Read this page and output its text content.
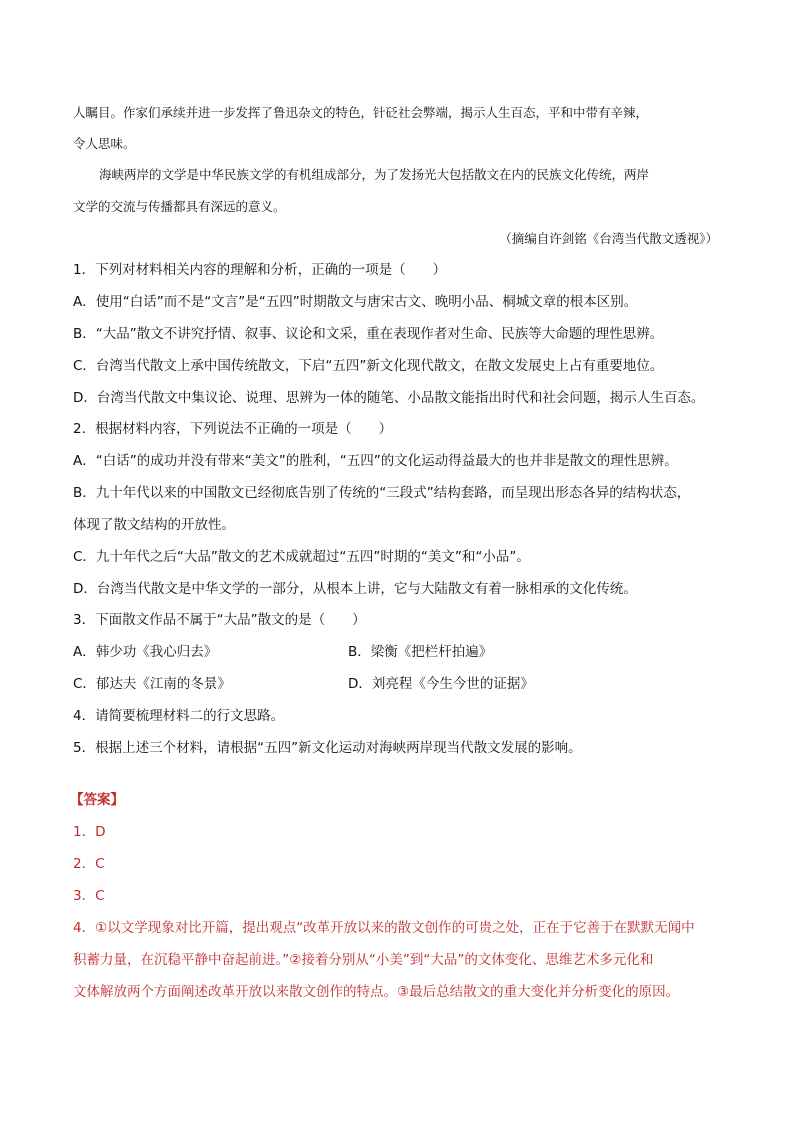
人瞩目。作家们承续并进一步发挥了鲁迅杂文的特色，针砭社会弊端，揭示人生百态，平和中带有辛辣，
令人思味。
海峡两岸的文学是中华民族文学的有机组成部分，为了发扬光大包括散文在内的民族文化传统，两岸
文学的交流与传播都具有深远的意义。
（摘编自许剑铭《台湾当代散文透视》）
1．下列对材料相关内容的理解和分析，正确的一项是（　　）
A．使用“白话”而不是“文言”是“五四”时期散文与唐宋古文、晚明小品、桐城文章的根本区别。
B．“大品”散文不讲究抒情、叙事、议论和文采，重在表现作者对生命、民族等大命题的理性思辨。
C．台湾当代散文上承中国传统散文，下启“五四”新文化现代散文，在散文发展史上占有重要地位。
D．台湾当代散文中集议论、说理、思辨为一体的随笔、小品散文能指出时代和社会问题，揭示人生百态。
2．根据材料内容，下列说法不正确的一项是（　　）
A．“白话”的成功并没有带来“美文”的胜利，“五四”的文化运动得益最大的也并非是散文的理性思辨。
B．九十年代以来的中国散文已经彻底告别了传统的“三段式”结构套路，而呈现出形态各异的结构状态，
体现了散文结构的开放性。
C．九十年代之后“大品”散文的艺术成就超过“五四”时期的“美文”和“小品”。
D．台湾当代散文是中华文学的一部分，从根本上讲，它与大陆散文有着一脉相承的文化传统。
3．下面散文作品不属于“大品”散文的是（　　）
A．韩少功《我心归去》	B．梁衡《把栏杆拍遍》
C．郁达夫《江南的冬景》	D．刘亮程《今生今世的证据》
4．请简要梳理材料二的行文思路。
5．根据上述三个材料，请根据“五四”新文化运动对海峡两岸现当代散文发展的影响。
【答案】
1．D
2．C
3．C
4．①以文学现象对比开篇，提出观点“改革开放以来的散文创作的可贵之处，正在于它善于在默默无闻中
积蓄力量，在沉稳平静中奋起前进。”②接着分别从“小美”到“大品”的文体变化、思维艺术多元化和
文体解放两个方面阐述改革开放以来散文创作的特点。③最后总结散文的重大变化并分析变化的原因。
